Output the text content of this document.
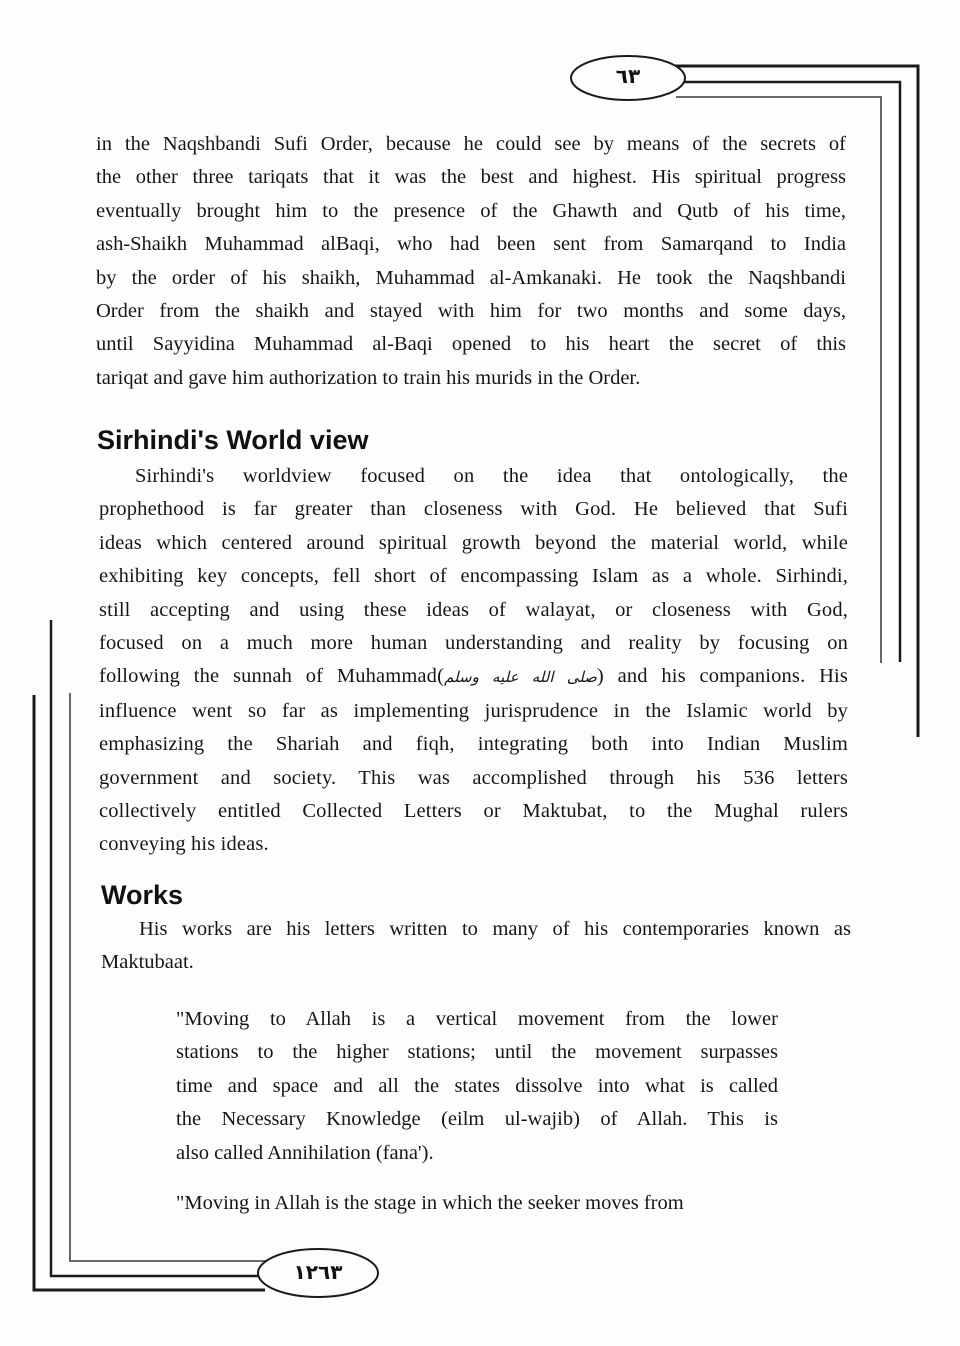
٦٣
١٢٦٣
in the Naqshbandi Sufi Order, because he could see by means of the secrets of
the other three tariqats that it was the best and highest. His spiritual progress
eventually brought him to the presence of the Ghawth and Qutb of his time,
ash-Shaikh Muhammad alBaqi, who had been sent from Samarqand to India
by the order of his shaikh, Muhammad al-Amkanaki. He took the Naqshbandi
Order from the shaikh and stayed with him for two months and some days,
until Sayyidina Muhammad al-Baqi opened to his heart the secret of this
tariqat and gave him authorization to train his murids in the Order.
Sirhindi's World view
Sirhindi's worldview focused on the idea that ontologically, the
prophethood is far greater than closeness with God. He believed that Sufi
ideas which centered around spiritual growth beyond the material world, while
exhibiting key concepts, fell short of encompassing Islam as a whole. Sirhindi,
still accepting and using these ideas of walayat, or closeness with God,
focused on a much more human understanding and reality by focusing on
following the sunnah of Muhammad(صلى الله عليه وسلم) and his companions. His
influence went so far as implementing jurisprudence in the Islamic world by
emphasizing the Shariah and fiqh, integrating both into Indian Muslim
government and society. This was accomplished through his 536 letters
collectively entitled Collected Letters or Maktubat, to the Mughal rulers
conveying his ideas.
Works
His works are his letters written to many of his contemporaries known as
Maktubaat.
"Moving to Allah is a vertical movement from the lower
stations to the higher stations; until the movement surpasses
time and space and all the states dissolve into what is called
the Necessary Knowledge (eilm ul-wajib) of Allah. This is
also called Annihilation (fana').
"Moving in Allah is the stage in which the seeker moves from
